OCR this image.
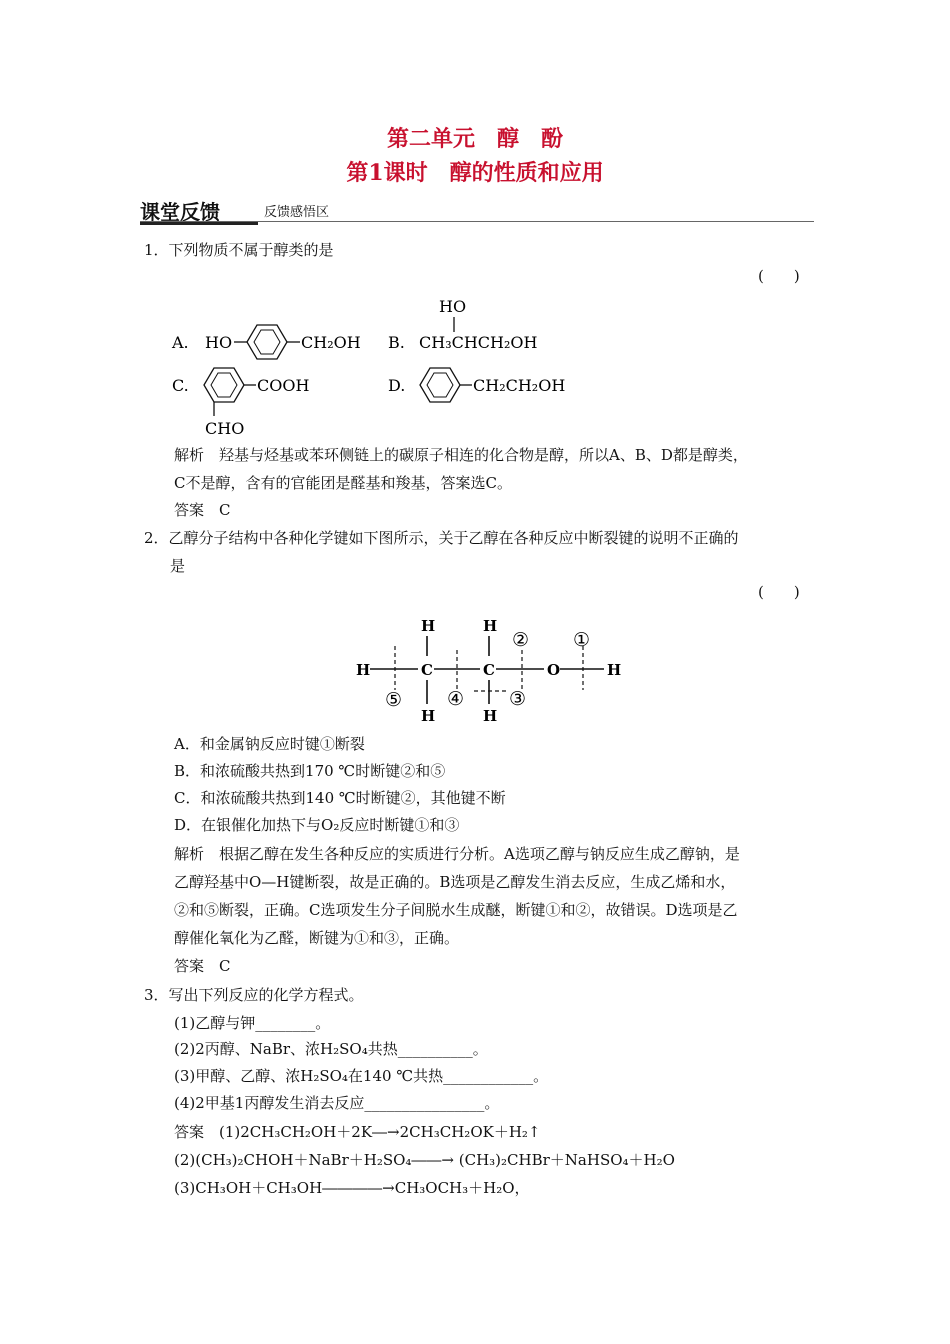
第二单元　醇　酚
第1课时　醇的性质和应用
课堂反馈	反馈感悟区
1．下列物质不属于醇类的是
(　　)
A. HO	CH₂OH B.
HO
CH₃CHCH₂OH
C.	COOH
CHO
D.	CH₂CH₂OH
解析　羟基与烃基或苯环侧链上的碳原子相连的化合物是醇，所以A、B、D都是醇类，
C不是醇，含有的官能团是醛基和羧基，答案选C。
答案　C
2．乙醇分子结构中各种化学键如下图所示，关于乙醇在各种反应中断裂键的说明不正确的
是
(　　)
H	C	C	O	H
H	H
H	H
①
②
③
④
⑤
A．和金属钠反应时键①断裂
B．和浓硫酸共热到170 ℃时断键②和⑤
C．和浓硫酸共热到140 ℃时断键②，其他键不断
D．在银催化加热下与O₂反应时断键①和③
解析　根据乙醇在发生各种反应的实质进行分析。A选项乙醇与钠反应生成乙醇钠，是
乙醇羟基中O—H键断裂，故是正确的。B选项是乙醇发生消去反应，生成乙烯和水，
②和⑤断裂，正确。C选项发生分子间脱水生成醚，断键①和②，故错误。D选项是乙
醇催化氧化为乙醛，断键为①和③，正确。
答案　C
3．写出下列反应的化学方程式。
(1)乙醇与钾________。
(2)2丙醇、NaBr、浓H₂SO₄共热__________。
(3)甲醇、乙醇、浓H₂SO₄在140 ℃共热____________。
(4)2甲基1丙醇发生消去反应________________。
答案　(1)2CH₃CH₂OH＋2K―→2CH₃CH₂OK＋H₂↑
(2)(CH₃)₂CHOH＋NaBr＋H₂SO₄――→ (CH₃)₂CHBr＋NaHSO₄＋H₂O
(3)CH₃OH＋CH₃OH――――→CH₃OCH₃＋H₂O，
